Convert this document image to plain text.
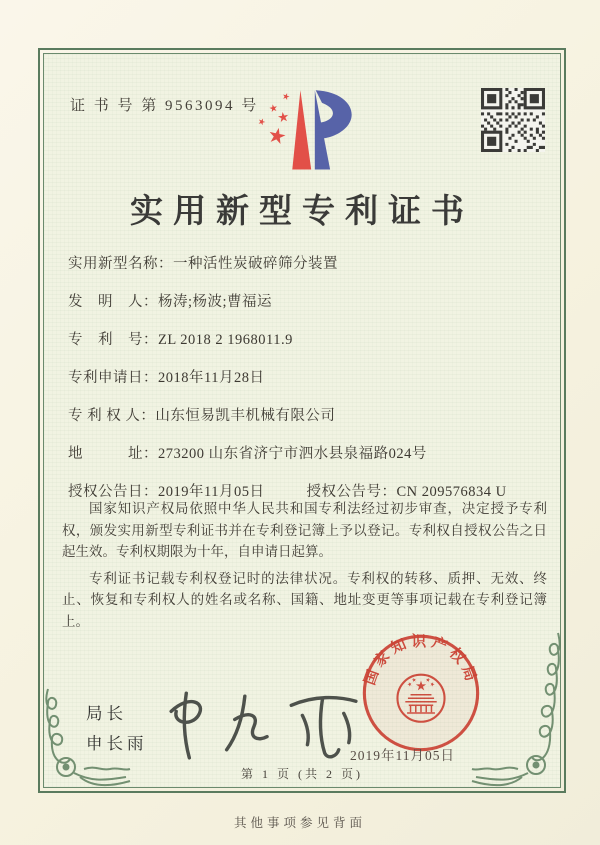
证 书 号 第 9563094 号
实用新型专利证书
实用新型名称：一种活性炭破碎筛分装置
发　明　人：杨涛;杨波;曹福运
专　利　号：ZL 2018 2 1968011.9
专利申请日：2018年11月28日
专 利 权 人：山东恒易凯丰机械有限公司
地　　　址：273200 山东省济宁市泗水县泉福路024号
授权公告日：2019年11月05日	授权公告号：CN 209576834 U

国家知识产权局依照中华人民共和国专利法经过初步审查，决定授予专利权，颁发实用新型专利证书并在专利登记簿上予以登记。专利权自授权公告之日起生效。专利权期限为十年，自申请日起算。

专利证书记载专利权登记时的法律状况。专利权的转移、质押、无效、终止、恢复和专利权人的姓名或名称、国籍、地址变更等事项记载在专利登记簿上。

局长
申长雨
国家知识产权局
2019年11月05日
第 1 页 (共 2 页)
其他事项参见背面
